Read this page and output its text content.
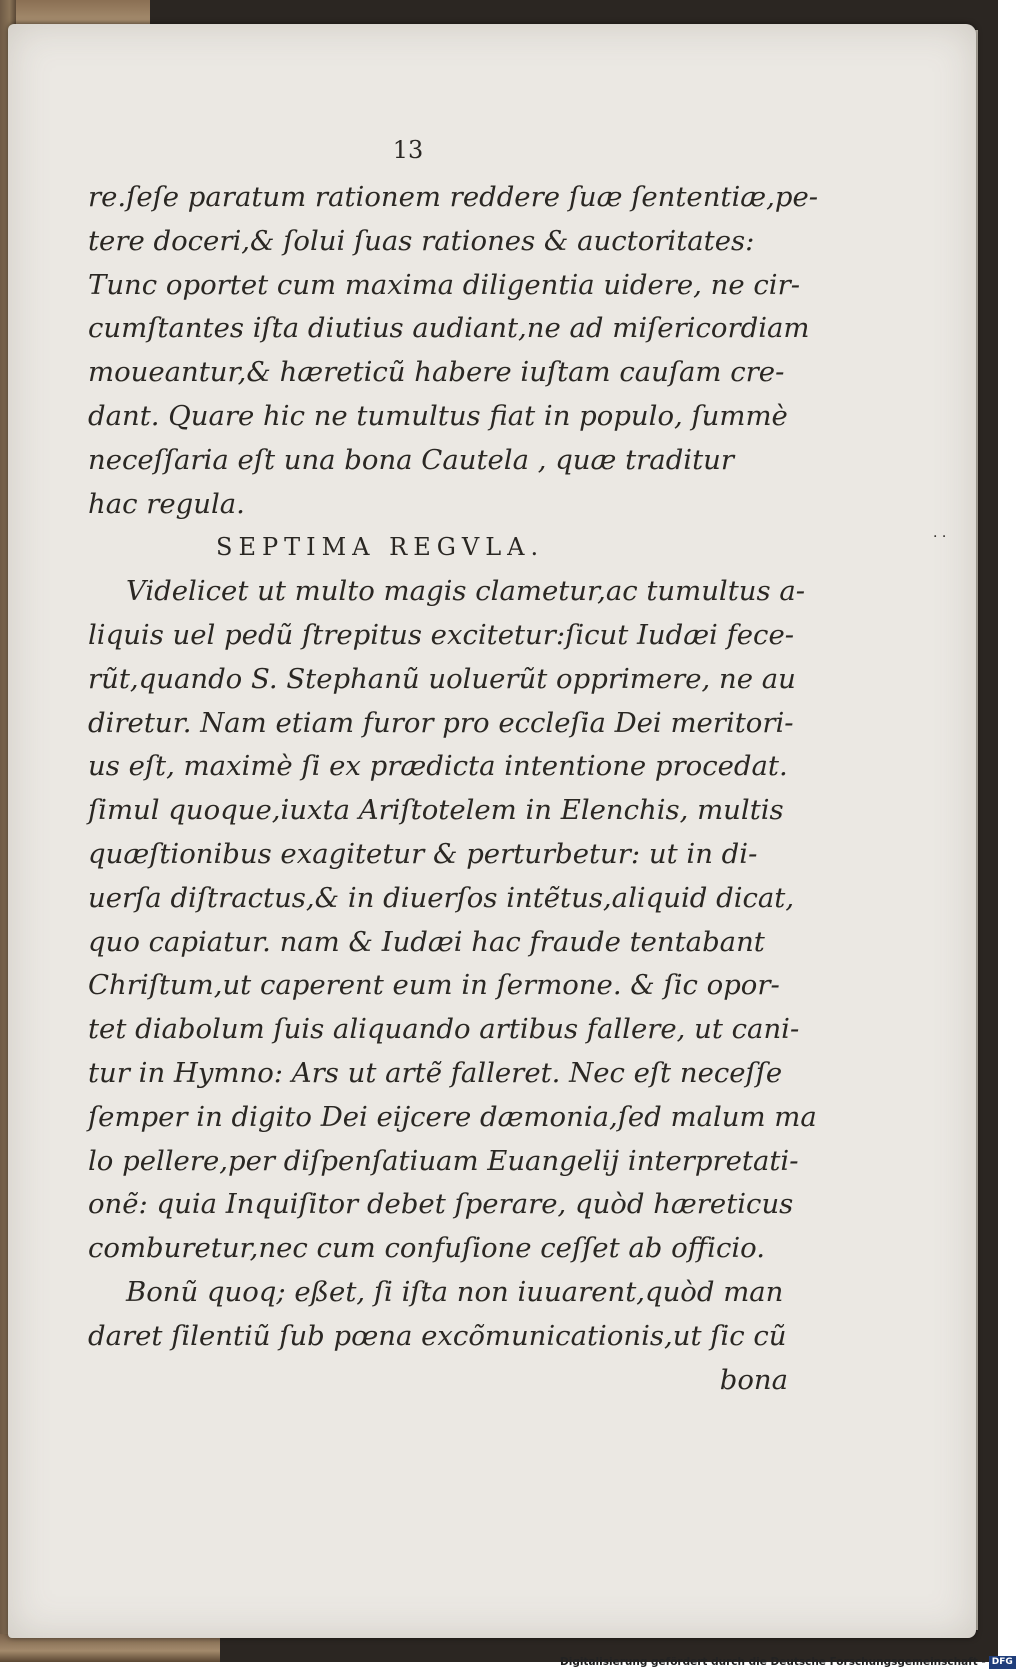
13
· ·
re.ſeſe paratum rationem reddere ſuæ ſententiæ,pe-
tere doceri,& ſolui ſuas rationes & auctoritates:
Tunc oportet cum maxima diligentia uidere, ne cir-
cumſtantes iſta diutius audiant,ne ad miſericordiam
moueantur,& hæreticũ habere iuſtam cauſam cre-
dant. Quare hic ne tumultus fiat in populo, ſummè
neceſſaria eſt una bona Cautela , quæ traditur
hac regula.
SEPTIMA REGVLA.
Videlicet ut multo magis clametur,ac tumultus a-
liquis uel pedũ ſtrepitus excitetur:ſicut Iudæi fece-
rũt,quando S. Stephanũ uoluerũt opprimere, ne au
diretur. Nam etiam furor pro eccleſia Dei meritori-
us eſt, maximè ſi ex prædicta intentione procedat.
ſimul quoque,iuxta Ariſtotelem in Elenchis, multis
quæſtionibus exagitetur & perturbetur: ut in di-
uerſa diſtractus,& in diuerſos intẽtus,aliquid dicat,
quo capiatur. nam & Iudæi hac fraude tentabant
Chriſtum,ut caperent eum in ſermone. & ſic opor-
tet diabolum ſuis aliquando artibus fallere, ut cani-
tur in Hymno: Ars ut artẽ falleret. Nec eſt neceſſe
ſemper in digito Dei eijcere dæmonia,ſed malum ma
lo pellere,per diſpenſatiuam Euangelij interpretati-
onẽ: quia Inquiſitor debet ſperare, quòd hæreticus
comburetur,nec cum confuſione ceſſet ab officio.
Bonũ quoq; eßet, ſi iſta non iuuarent,quòd man
daret ſilentiũ ſub pœna excõmunicationis,ut ſic cũ
bona
Digitalisierung gefördert durch die Deutsche Forschungsgemeinschaft - DFG
